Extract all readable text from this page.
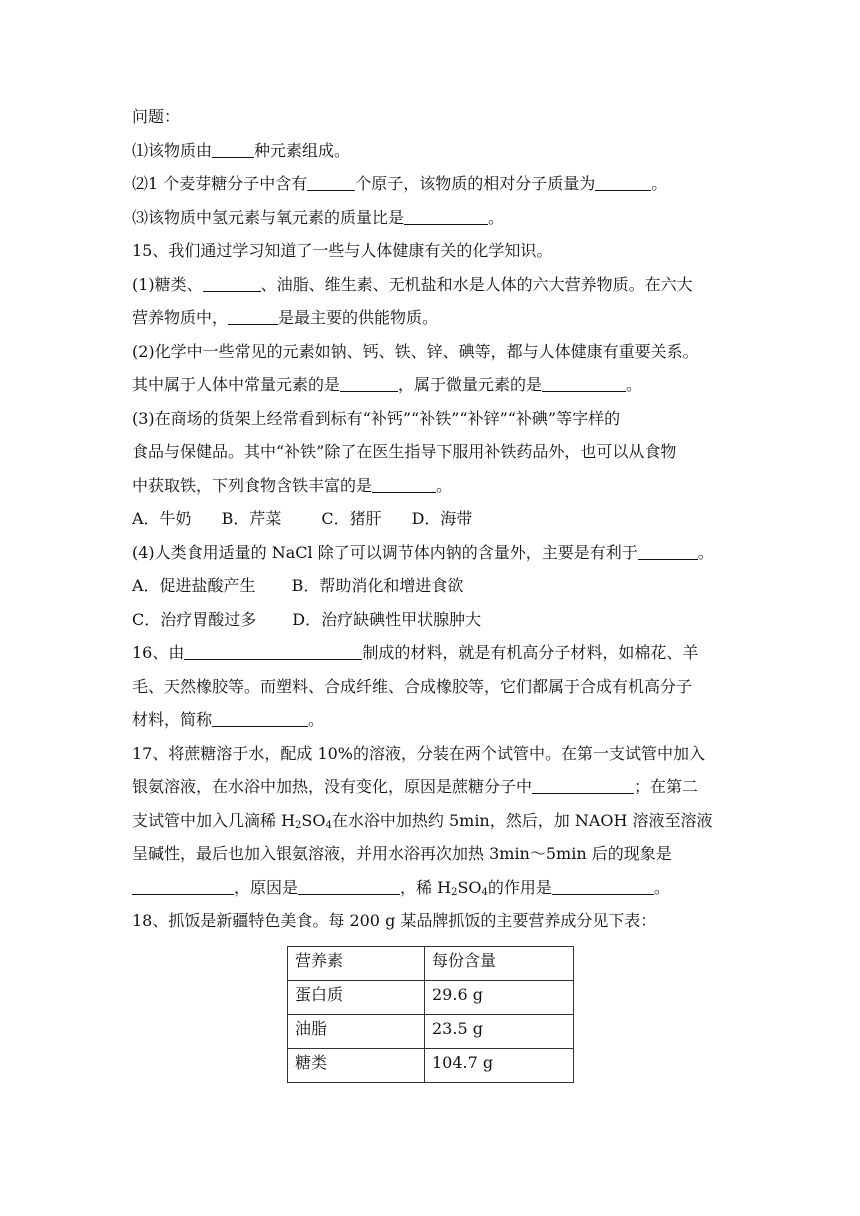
问题：
⑴该物质由	种元素组成。
⑵1 个麦芽糖分子中含有	个原子，该物质的相对分子质量为	。
⑶该物质中氢元素与氧元素的质量比是	。
15、我们通过学习知道了一些与人体健康有关的化学知识。
(1)糖类、	、油脂、维生素、无机盐和水是人体的六大营养物质。在六大
营养物质中，	是最主要的供能物质。
(2)化学中一些常见的元素如钠、钙、铁、锌、碘等，都与人体健康有重要关系。
其中属于人体中常量元素的是	，属于微量元素的是	。
(3)在商场的货架上经常看到标有“补钙”“补铁”“补锌”“补碘”等字样的
食品与保健品。其中“补铁”除了在医生指导下服用补铁药品外，也可以从食物
中获取铁，下列食物含铁丰富的是	。
A．牛奶 B．芹菜	C．猪肝 D．海带
(4)人类食用适量的 NaCl 除了可以调节体内钠的含量外，主要是有利于	。
A．促进盐酸产生 B．帮助消化和增进食欲
C．治疗胃酸过多 D．治疗缺碘性甲状腺肿大
16、由	制成的材料，就是有机高分子材料，如棉花、羊
毛、天然橡胶等。而塑料、合成纤维、合成橡胶等，它们都属于合成有机高分子
材料，简称	。
17、将蔗糖溶于水，配成 10%的溶液，分装在两个试管中。在第一支试管中加入
银氨溶液，在水浴中加热，没有变化，原因是蔗糖分子中	；在第二
支试管中加入几滴稀 $H_2SO_4$在水浴中加热约 5min，然后，加 NAOH 溶液至溶液
呈碱性，最后也加入银氨溶液，并用水浴再次加热 3min～5min 后的现象是
，原因是	，稀 $H_2SO_4$的作用是	。
18、抓饭是新疆特色美食。每 200 g 某品牌抓饭的主要营养成分见下表：
营养素	每份含量
蛋白质	29.6 g
油脂	23.5 g
糖类	104.7 g
